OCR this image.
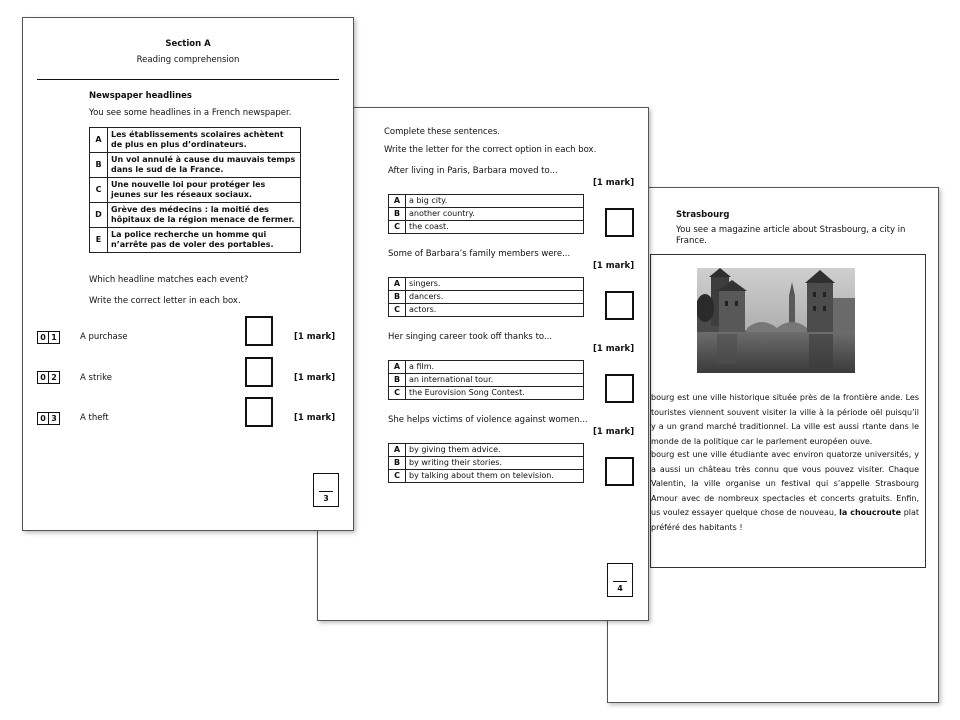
Strasbourg
You see a magazine article about Strasbourg, a city in France.
bourg est une ville historique située près de la frontière ande. Les touristes viennent souvent visiter la ville à la période oël puisqu’il y a un grand marché traditionnel. La ville est aussi rtante dans le monde de la politique car le parlement européen ouve.
bourg est une ville étudiante avec environ quatorze universités, y a aussi un château très connu que vous pouvez visiter. Chaque Valentin, la ville organise un festival qui s’appelle Strasbourg Amour avec de nombreux spectacles et concerts gratuits. Enfin, us voulez essayer quelque chose de nouveau, la choucroute plat préféré des habitants !
Complete these sentences.
Write the letter for the correct option in each box.
After living in Paris, Barbara moved to...
[1 mark]
A	a big city.
B	another country.
C	the coast.
Some of Barbara’s family members were...
[1 mark]
A	singers.
B	dancers.
C	actors.
Her singing career took off thanks to...
[1 mark]
A	a film.
B	an international tour.
C	the Eurovision Song Contest.
She helps victims of violence against women...
[1 mark]
A	by giving them advice.
B	by writing their stories.
C	by talking about them on television.
4
Section A
Reading comprehension
Newspaper headlines
You see some headlines in a French newspaper.
A	Les établissements scolaires achètent de plus en plus d’ordinateurs.
B	Un vol annulé à cause du mauvais temps dans le sud de la France.
C	Une nouvelle loi pour protéger les jeunes sur les réseaux sociaux.
D	Grève des médecins : la moitié des hôpitaux de la région menace de fermer.
E	La police recherche un homme qui n’arrête pas de voler des portables.
Which headline matches each event?
Write the correct letter in each box.
0 1	A purchase	[1 mark]
0 2	A strike	[1 mark]
0 3	A theft	[1 mark]
3
